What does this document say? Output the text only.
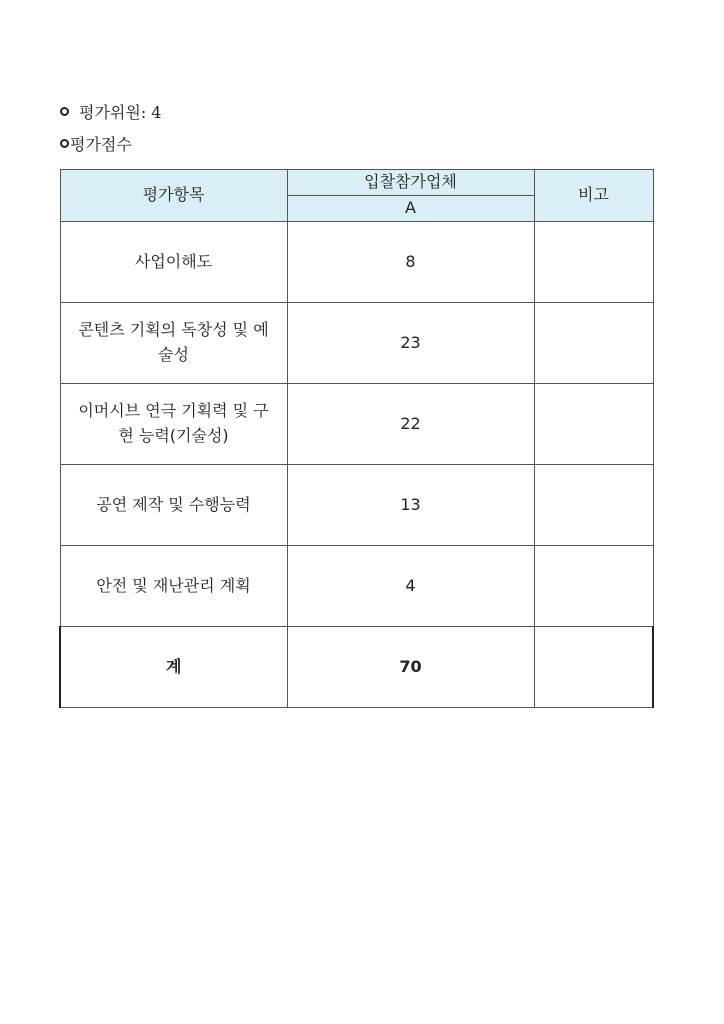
평가위원: 4
평가점수
평가항목	입찰참가업체	비고
	A	
사업이해도	8	
콘텐츠 기획의 독창성 및 예술성	23	
이머시브 연극 기획력 및 구현 능력(기술성)	22	
공연 제작 및 수행능력	13	
안전 및 재난관리 계획	4	
계	70	
